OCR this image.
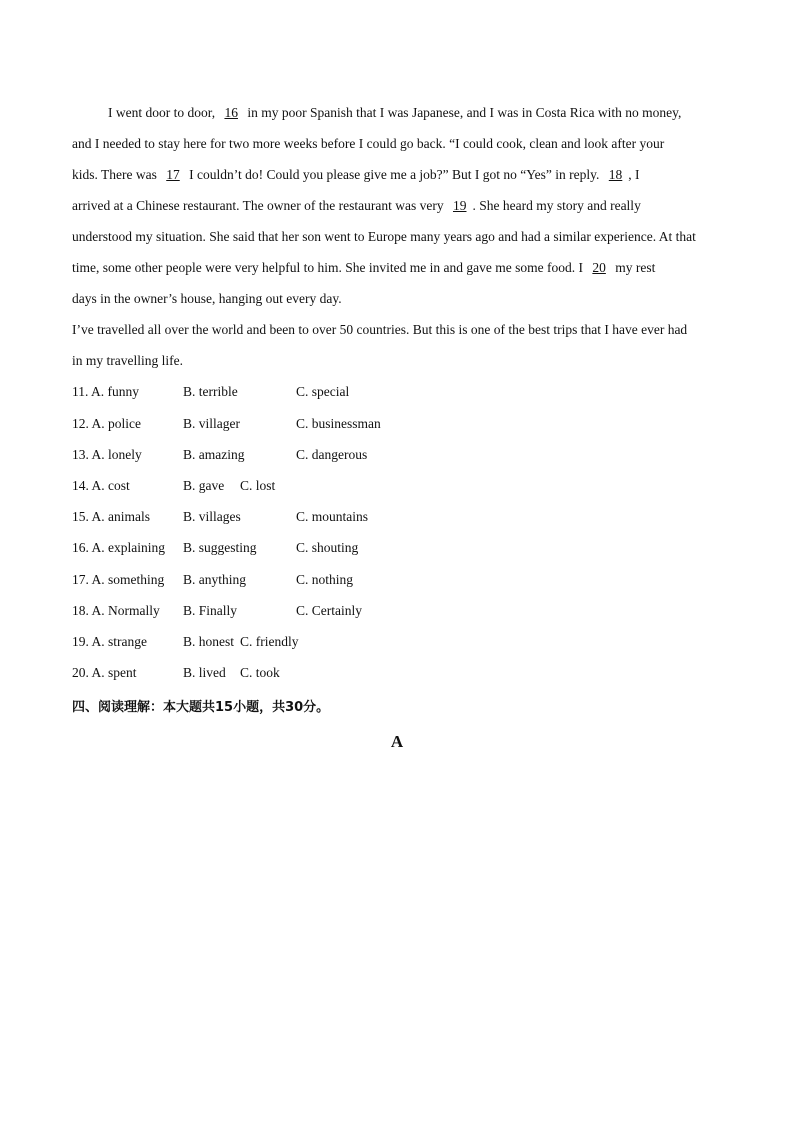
I went door to door, 16 in my poor Spanish that I was Japanese, and I was in Costa Rica with no money,
and I needed to stay here for two more weeks before I could go back. “I could cook, clean and look after your
kids. There was 17 I couldn’t do! Could you please give me a job?” But I got no “Yes” in reply. 18 , I
arrived at a Chinese restaurant. The owner of the restaurant was very 19 . She heard my story and really
understood my situation. She said that her son went to Europe many years ago and had a similar experience. At that
time, some other people were very helpful to him. She invited me in and gave me some food. I 20 my rest
days in the owner’s house, hanging out every day.
I’ve travelled all over the world and been to over 50 countries. But this is one of the best trips that I have ever had
in my travelling life.
11. A. funny	B. terrible	C. special
12. A. police	B. villager	C. businessman
13. A. lonely	B. amazing	C. dangerous
14. A. cost	B. gave C. lost
15. A. animals B. villages	C. mountains
16. A. explaining B. suggesting	C. shouting
17. A. something B. anything	C. nothing
18. A. Normally B. Finally	C. Certainly
19. A. strange	B. honest C. friendly
20. A. spent	B. lived C. took
四、阅读理解：本大题共15小题，共30分。
A
